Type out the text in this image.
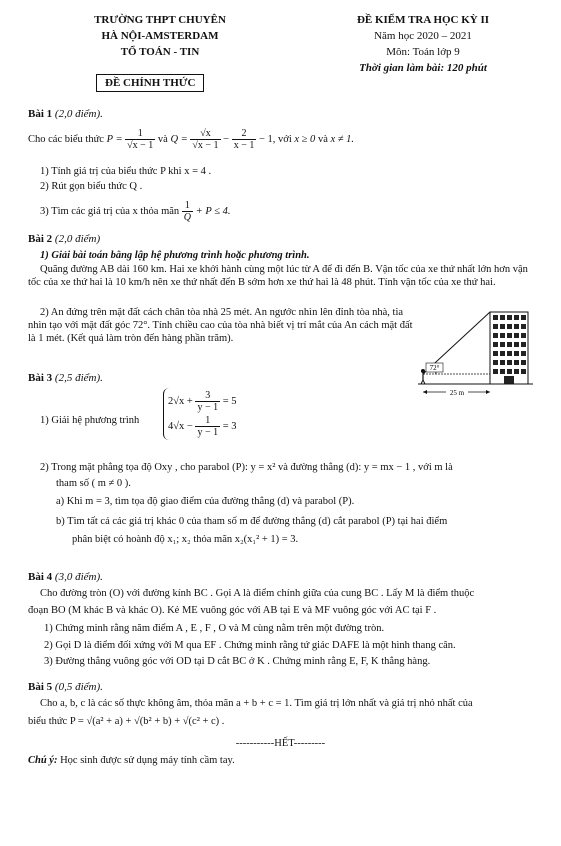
TRƯỜNG THPT CHUYÊN
HÀ NỘI-AMSTERDAM
TỔ TOÁN - TIN
ĐỀ CHÍNH THỨC
ĐỀ KIỂM TRA HỌC KỲ II
Năm học 2020 – 2021
Môn: Toán lớp 9
Thời gian làm bài: 120 phút
Bài 1 (2,0 điểm).
Cho các biểu thức $P = \frac{1}{√x - 1}$ và $Q = \frac{√x}{√x - 1} - \frac{2}{x - 1} - 1$, với x ≥ 0 và x ≠ 1.
1) Tính giá trị của biểu thức P khi x = 4 .
2) Rút gọn biểu thức Q .
3) Tìm các giá trị của x thỏa mãn $\frac{1}{Q} + P \le 4$.
Bài 2 (2,0 điểm)
1) Giải bài toán bằng lập hệ phương trình hoặc phương trình.
Quãng đường AB dài 160 km. Hai xe khởi hành cùng một lúc từ A để đi đến B. Vận tốc của xe thứ nhất lớn hơn vận tốc của xe thứ hai là 10 km/h nên xe thứ nhất đến B sớm hơn xe thứ hai là 48 phút. Tính vận tốc của xe thứ hai.
2) An đứng trên mặt đất cách chân tòa nhà 25 mét. An ngước nhìn lên đỉnh tòa nhà, tia nhìn tạo với mặt đất góc 72°. Tính chiều cao của tòa nhà biết vị trí mắt của An cách mặt đất là 1 mét. (Kết quả làm tròn đến hàng phần trăm).
72°
25 m
Bài 3 (2,5 điểm).
1) Giải hệ phương trình
$2√x + \frac{3}{y - 1} = 5$
$4√x - \frac{1}{y - 1} = 3$
2) Trong mặt phẳng tọa độ Oxy , cho parabol (P): y = x² và đường thẳng (d): y = mx − 1 , với m là
tham số ( m ≠ 0 ).
a) Khi m = 3, tìm tọa độ giao điểm của đường thẳng (d) và parabol (P).
b) Tìm tất cả các giá trị khác 0 của tham số m để đường thẳng (d) cắt parabol (P) tại hai điểm
phân biệt có hoành độ x₁; x₂ thỏa mãn x₂(x₁² + 1) = 3.
Bài 4 (3,0 điểm).
Cho đường tròn (O) với đường kính BC . Gọi A là điểm chính giữa của cung BC . Lấy M là điểm thuộc
đoạn BO (M khác B và khác O). Kẻ ME vuông góc với AB tại E và MF vuông góc với AC tại F .
1) Chứng minh rằng năm điểm A , E , F , O và M cùng nằm trên một đường tròn.
2) Gọi D là điểm đối xứng với M qua EF . Chứng minh rằng tứ giác DAFE là một hình thang cân.
3) Đường thẳng vuông góc với OD tại D cắt BC ở K . Chứng minh rằng E, F, K thẳng hàng.
Bài 5 (0,5 điểm).
Cho a, b, c là các số thực không âm, thỏa mãn a + b + c = 1. Tìm giá trị lớn nhất và giá trị nhỏ nhất của
biểu thức P = √(a² + a) + √(b² + b) + √(c² + c) .
-----------HẾT---------
Chú ý: Học sinh được sử dụng máy tính cầm tay.
